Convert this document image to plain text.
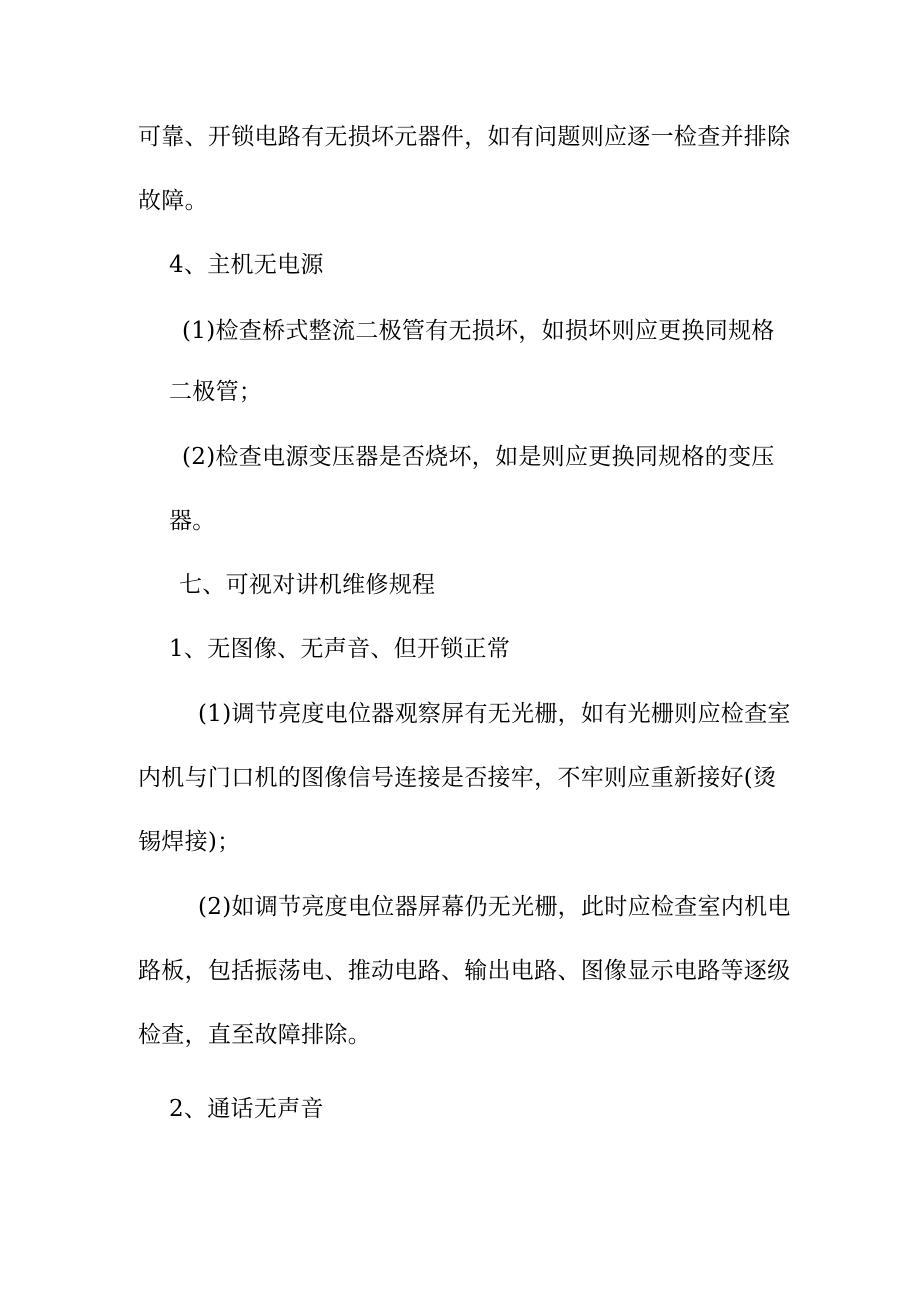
可靠、开锁电路有无损坏元器件，如有问题则应逐一检查并排除
故障。
4、主机无电源
(1)检查桥式整流二极管有无损坏，如损坏则应更换同规格
二极管；
(2)检查电源变压器是否烧坏，如是则应更换同规格的变压
器。
七、可视对讲机维修规程
1、无图像、无声音、但开锁正常
(1)调节亮度电位器观察屏有无光栅，如有光栅则应检查室
内机与门口机的图像信号连接是否接牢，不牢则应重新接好(烫
锡焊接)；
(2)如调节亮度电位器屏幕仍无光栅，此时应检查室内机电
路板，包括振荡电、推动电路、输出电路、图像显示电路等逐级
检查，直至故障排除。
2、通话无声音
